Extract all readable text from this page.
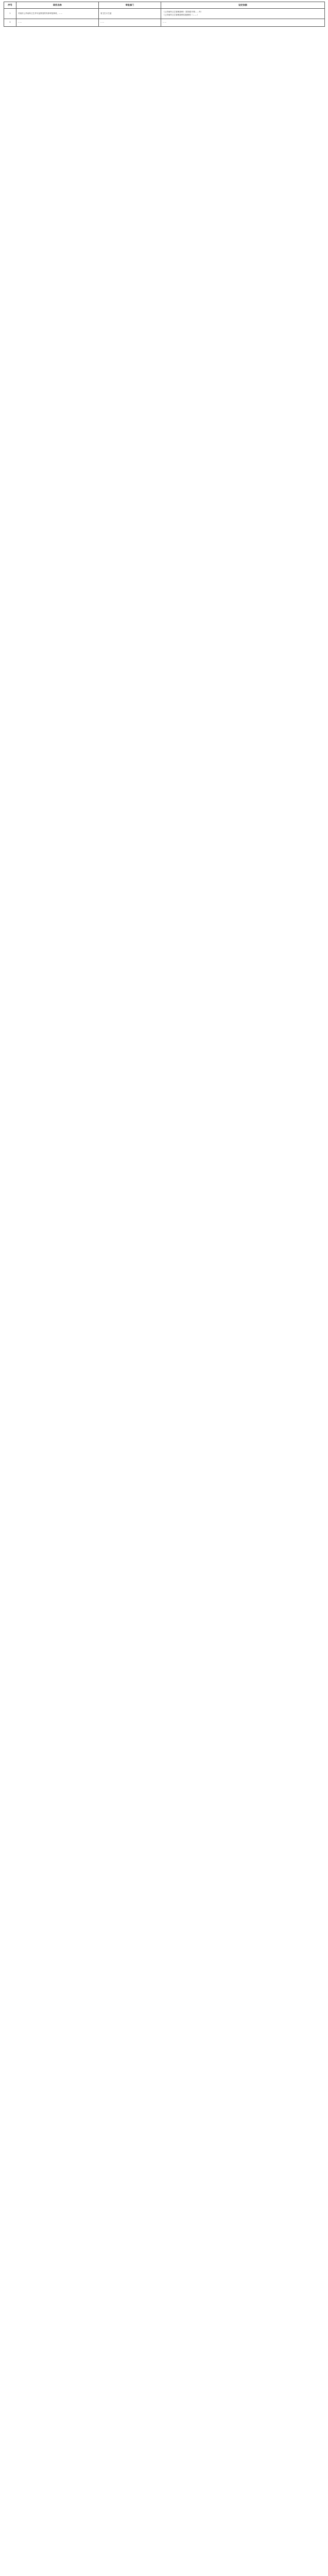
序号	职权名称	审批部门	设定依据
1	对某市公共场所卫生许可证核发的具体审批事项，……	省卫生计生委	《公共场所卫生管理条例》（国务院令第……号）
《公共场所卫生管理条例实施细则》（……）

2	……	……	……
